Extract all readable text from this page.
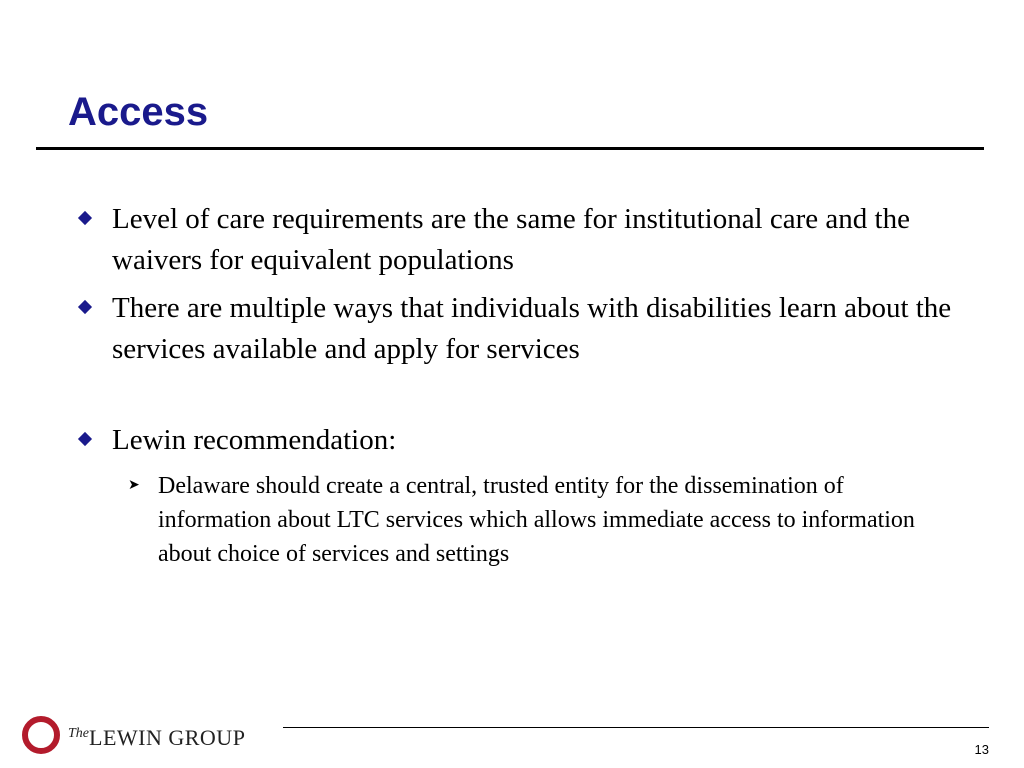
Access
Level of care requirements are the same for institutional care and the waivers for equivalent populations
There are multiple ways that individuals with disabilities learn about the services available and apply for services
Lewin recommendation:
➤ Delaware should create a central, trusted entity for the dissemination of information about LTC services which allows immediate access to information about choice of services and settings
$^{The}$LEWIN GROUP	13
